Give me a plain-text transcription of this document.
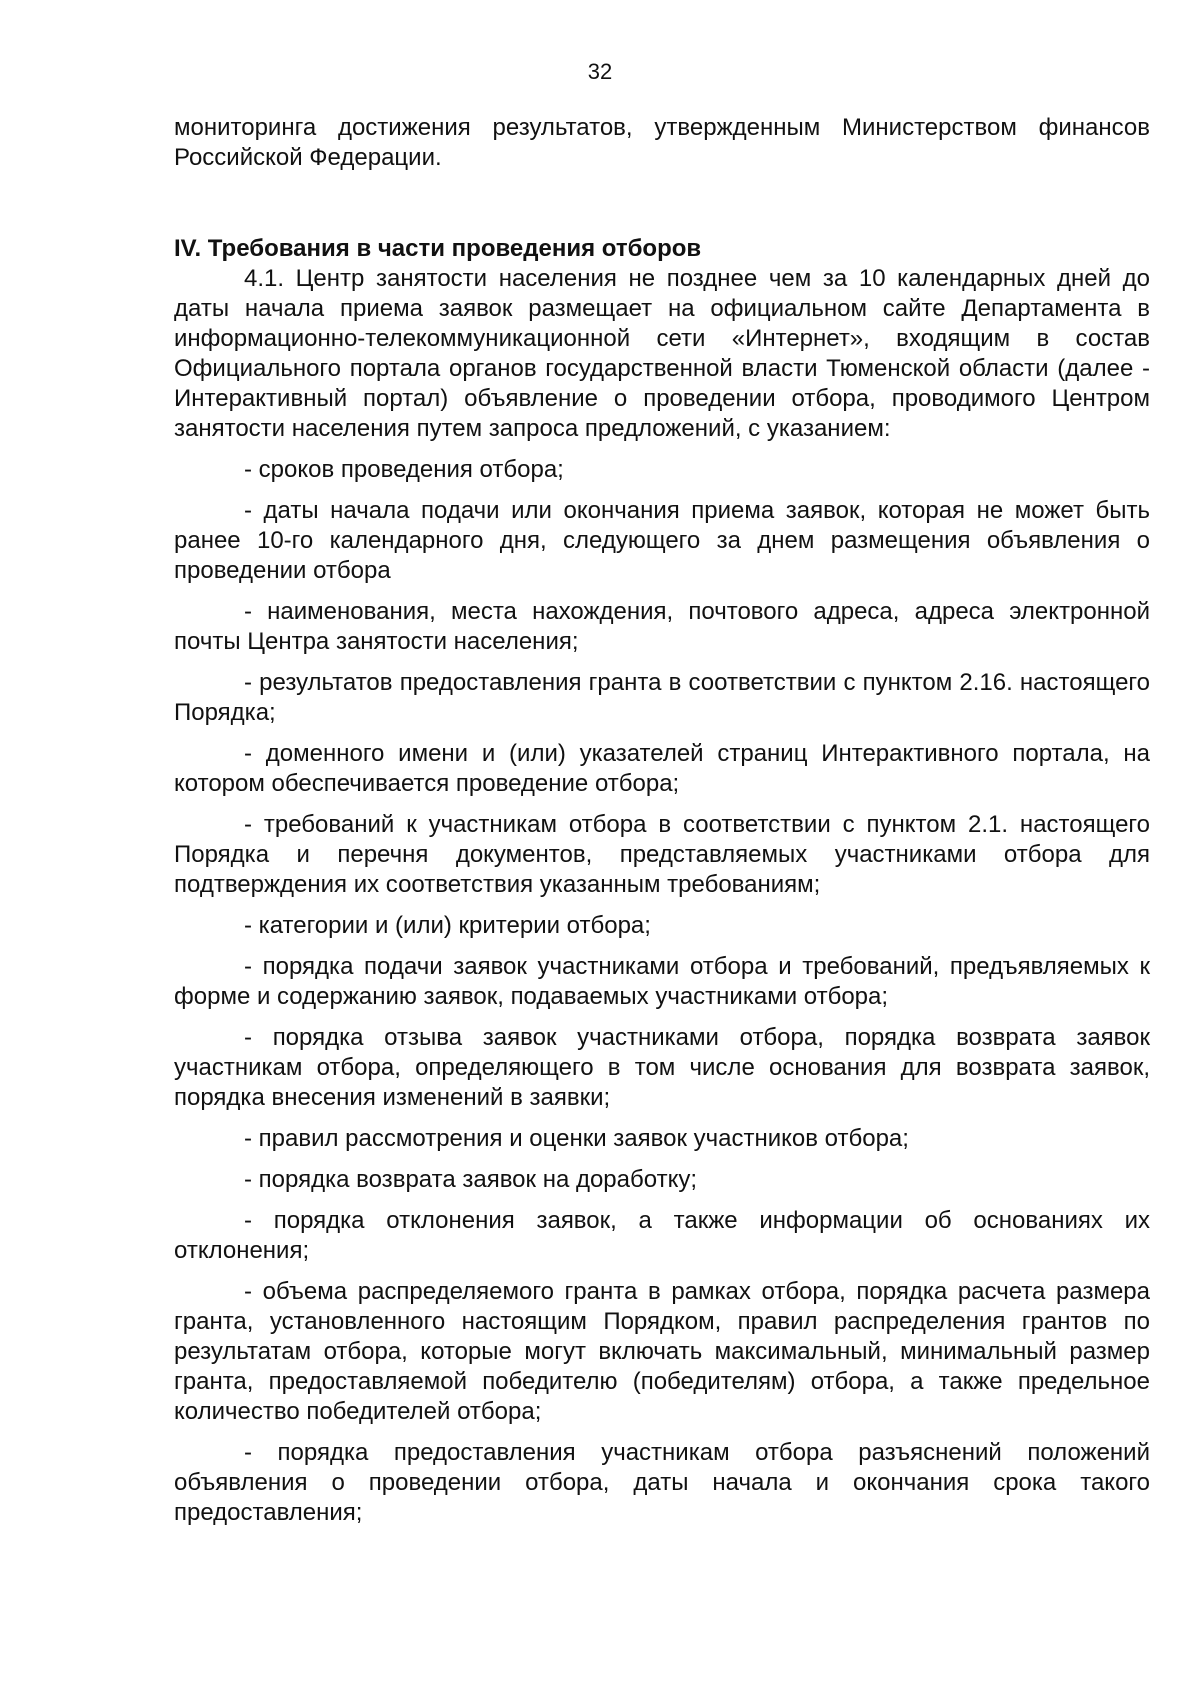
32

мониторинга достижения результатов, утвержденным Министерством финансов Российской Федерации.

IV. Требования в части проведения отборов

4.1. Центр занятости населения не позднее чем за 10 календарных дней до даты начала приема заявок размещает на официальном сайте Департамента в информационно-телекоммуникационной сети «Интернет», входящим в состав Официального портала органов государственной власти Тюменской области (далее - Интерактивный портал) объявление о проведении отбора, проводимого Центром занятости населения путем запроса предложений, с указанием:

- сроков проведения отбора;

- даты начала подачи или окончания приема заявок, которая не может быть ранее 10-го календарного дня, следующего за днем размещения объявления о проведении отбора

- наименования, места нахождения, почтового адреса, адреса электронной почты Центра занятости населения;

- результатов предоставления гранта в соответствии с пунктом 2.16. настоящего Порядка;

- доменного имени и (или) указателей страниц Интерактивного портала, на котором обеспечивается проведение отбора;

- требований к участникам отбора в соответствии с пунктом 2.1. настоящего Порядка и перечня документов, представляемых участниками отбора для подтверждения их соответствия указанным требованиям;

- категории и (или) критерии отбора;

- порядка подачи заявок участниками отбора и требований, предъявляемых к форме и содержанию заявок, подаваемых участниками отбора;

- порядка отзыва заявок участниками отбора, порядка возврата заявок участникам отбора, определяющего в том числе основания для возврата заявок, порядка внесения изменений в заявки;

- правил рассмотрения и оценки заявок участников отбора;

- порядка возврата заявок на доработку;

- порядка отклонения заявок, а также информации об основаниях их отклонения;

- объема распределяемого гранта в рамках отбора, порядка расчета размера гранта, установленного настоящим Порядком, правил распределения грантов по результатам отбора, которые могут включать максимальный, минимальный размер гранта, предоставляемой победителю (победителям) отбора, а также предельное количество победителей отбора;

- порядка предоставления участникам отбора разъяснений положений объявления о проведении отбора, даты начала и окончания срока такого предоставления;
